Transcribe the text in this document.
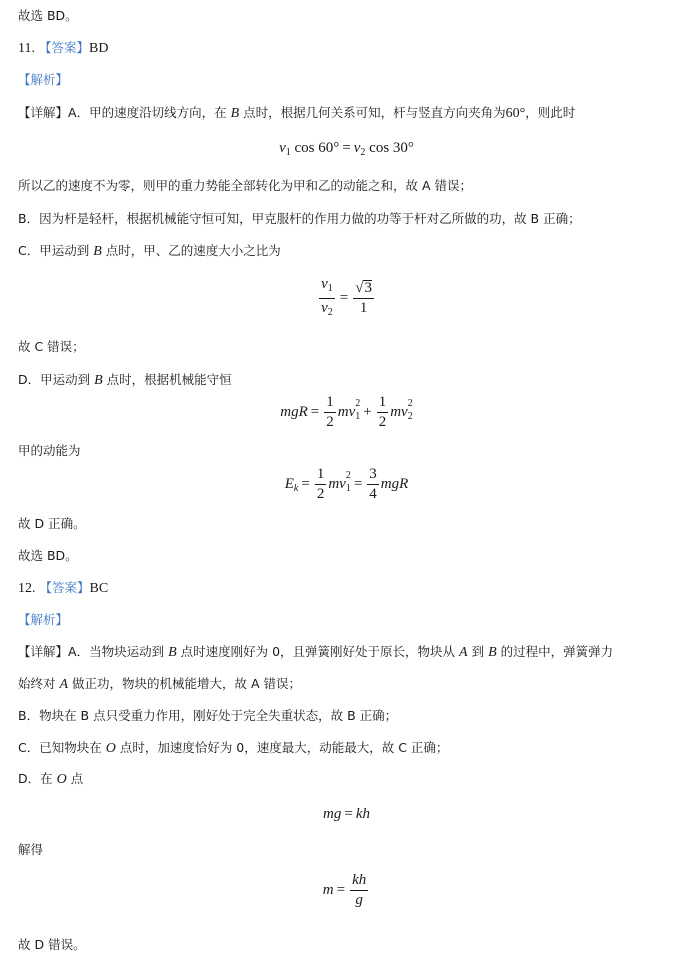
故选 BD。
11. 【答案】BD
【解析】
【详解】A．甲的速度沿切线方向，在 B 点时，根据几何关系可知，杆与竖直方向夹角为60°，则此时
$v_1$ $\cos 60^\circ = v_2$ cos 30°
所以乙的速度不为零，则甲的重力势能全部转化为甲和乙的动能之和，故 A 错误；
B．因为杆是轻杆，根据机械能守恒可知，甲克服杆的作用力做的功等于杆对乙所做的功，故 B 正确；
C．甲运动到 B 点时，甲、乙的速度大小之比为
$\frac{v_1}{v_2} = \frac{√3}{1}$
故 C 错误；
D．甲运动到 B 点时，根据机械能守恒
mgR = $\frac{1}{2}$ mv
$_{2 1} + \frac{1}{2}$ mv
$_{2 2}$
甲的动能为
$E_k = \frac{1}{2}$ mv
$_{2 1} = \frac{3}{4}$ mgR
故 D 正确。
故选 BD。
12. 【答案】BC
【解析】
【详解】A．当物块运动到 B 点时速度刚好为 0，且弹簧刚好处于原长，物块从 A 到 B 的过程中，弹簧弹力
始终对 A 做正功，物块的机械能增大，故 A 错误；
B．物块在 B 点只受重力作用，刚好处于完全失重状态，故 B 正确；
C．已知物块在 O 点时，加速度恰好为 0，速度最大，动能最大，故 C 正确；
D．在 O 点
mg = kh
解得
$m = \frac{kh}{g}$
故 D 错误。
